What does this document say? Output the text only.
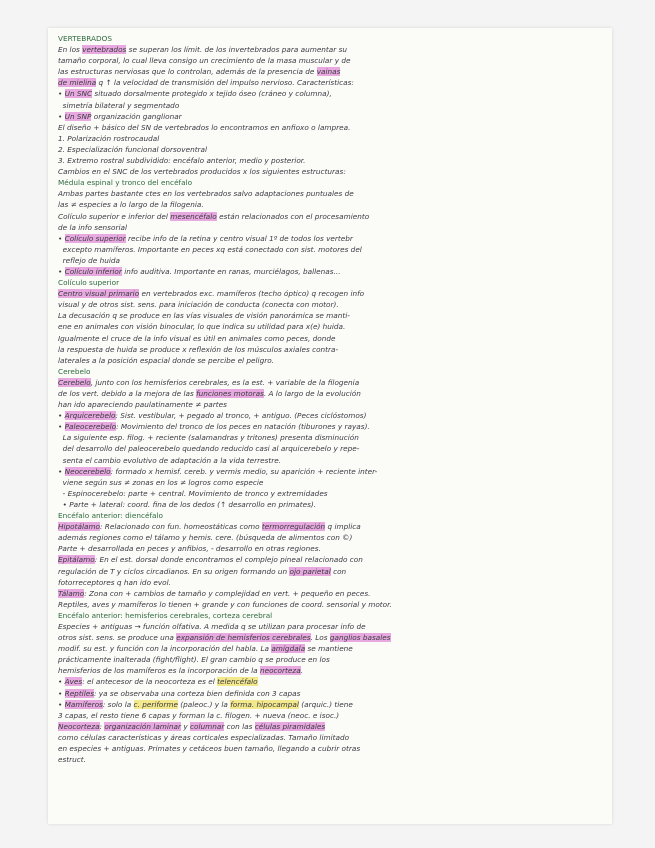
VERTEBRADOS
En los vertebrados se superan los límit. de los invertebrados para aumentar su
tamaño corporal, lo cual lleva consigo un crecimiento de la masa muscular y de
las estructuras nerviosas que lo controlan, además de la presencia de vainas
de mielina q ↑ la velocidad de transmisión del impulso nervioso. Características:
• Un SNC situado dorsalmente protegido x tejido óseo (cráneo y columna),
simetría bilateral y segmentado
• Un SNP organización ganglionar
El diseño + básico del SN de vertebrados lo encontramos en anfioxo o lamprea.
1. Polarización rostrocaudal
2. Especialización funcional dorsoventral
3. Extremo rostral subdividido: encéfalo anterior, medio y posterior.
Cambios en el SNC de los vertebrados producidos x los siguientes estructuras:
Médula espinal y tronco del encéfalo
Ambas partes bastante ctes en los vertebrados salvo adaptaciones puntuales de
las ≠ especies a lo largo de la filogenia.
Colículo superior e inferior del mesencéfalo están relacionados con el procesamiento
de la info sensorial
• Colículo superior recibe info de la retina y centro visual 1º de todos los vertebr
excepto mamíferos. Importante en peces xq está conectado con sist. motores del
reflejo de huida
• Colículo inferior info auditiva. Importante en ranas, murciélagos, ballenas...
Colículo superior
Centro visual primario en vertebrados exc. mamíferos (techo óptico) q recogen info
visual y de otros sist. sens. para iniciación de conducta (conecta con motor).
La decusación q se produce en las vías visuales de visión panorámica se manti-
ene en animales con visión binocular, lo que indica su utilidad para x(e) huida.
Igualmente el cruce de la info visual es útil en animales como peces, donde
la respuesta de huida se produce x reflexión de los músculos axiales contra-
laterales a la posición espacial donde se percibe el peligro.
Cerebelo
Cerebelo, junto con los hemisferios cerebrales, es la est. + variable de la filogenia
de los vert. debido a la mejora de las funciones motoras. A lo largo de la evolución
han ido apareciendo paulatinamente ≠ partes
• Arquicerebelo: Sist. vestibular, + pegado al tronco, + antiguo. (Peces ciclóstomos)
• Paleocerebelo: Movimiento del tronco de los peces en natación (tiburones y rayas).
La siguiente esp. filog. + reciente (salamandras y tritones) presenta disminución
del desarrollo del paleocerebelo quedando reducido casi al arquicerebelo y repe-
senta el cambio evolutivo de adaptación a la vida terrestre.
• Neocerebelo: formado x hemisf. cereb. y vermis medio, su aparición + reciente inter-
viene según sus ≠ zonas en los ≠ logros como especie
- Espinocerebelo: parte + central. Movimiento de tronco y extremidades
• Parte + lateral: coord. fina de los dedos (↑ desarrollo en primates).
Encéfalo anterior: diencéfalo
Hipotálamo: Relacionado con fun. homeostáticas como termorregulación q implica
además regiones como el tálamo y hemis. cere. (búsqueda de alimentos con ©)
Parte + desarrollada en peces y anfibios, - desarrollo en otras regiones.
Epitálamo: En el est. dorsal donde encontramos el complejo pineal relacionado con
regulación de T y ciclos circadianos. En su origen formando un ojo parietal con
fotorreceptores q han ido evol.
Tálamo: Zona con + cambios de tamaño y complejidad en vert. + pequeño en peces.
Reptiles, aves y mamíferos lo tienen + grande y con funciones de coord. sensorial y motor.
Encéfalo anterior: hemisferios cerebrales, corteza cerebral
Especies + antiguas → función olfativa. A medida q se utilizan para procesar info de
otros sist. sens. se produce una expansión de hemisferios cerebrales. Los ganglios basales
modif. su est. y función con la incorporación del habla. La amígdala se mantiene
prácticamente inalterada (fight/flight). El gran cambio q se produce en los
hemisferios de los mamíferos es la incorporación de la neocorteza.
• Aves: el antecesor de la neocorteza es el telencéfalo
• Reptiles: ya se observaba una corteza bien definida con 3 capas
• Mamíferos: solo la c. periforme (paleoc.) y la forma. hipocampal (arquic.) tiene
3 capas, el resto tiene 6 capas y forman la c. filogen. + nueva (neoc. e isoc.)
Neocorteza: organización laminar y columnar con las células piramidales
como células características y áreas corticales especializadas. Tamaño limitado
en especies + antiguas. Primates y cetáceos buen tamaño, llegando a cubrir otras
estruct.
